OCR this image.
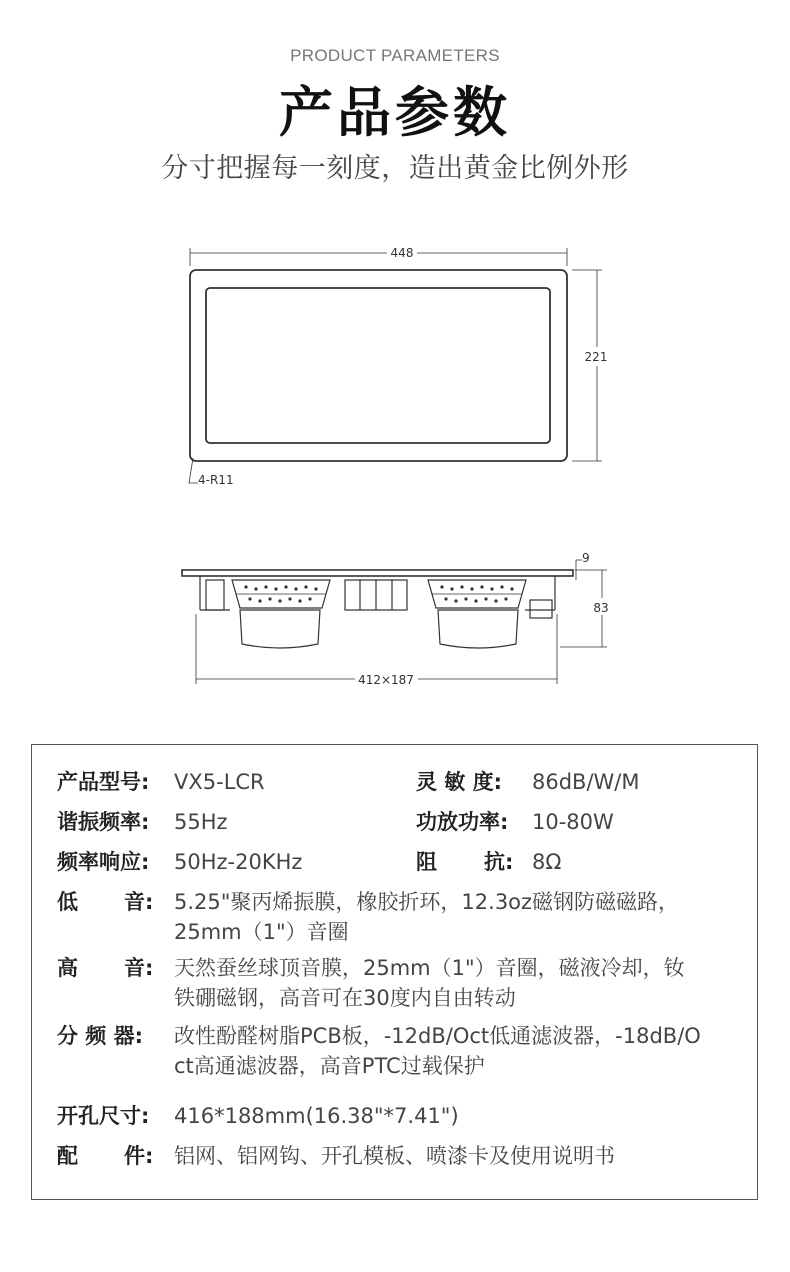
PRODUCT PARAMETERS
产品参数
分寸把握每一刻度，造出黄金比例外形
448
221
4-R11
9
83
412×187
产品型号: VX5-LCR	灵 敏 度: 86dB/W/M
谐振频率: 55Hz	功放功率: 10-80W
频率响应: 50Hz-20KHz	阻 抗: 8Ω
低 音: 5.25"聚丙烯振膜，橡胶折环，12.3oz磁钢防磁磁路，
25mm（1"）音圈
高 音: 天然蚕丝球顶音膜，25mm（1"）音圈，磁液冷却，钕
铁硼磁钢，高音可在30度内自由转动
分 频 器: 改性酚醛树脂PCB板，-12dB/Oct低通滤波器，-18dB/O
ct高通滤波器，高音PTC过载保护
开孔尺寸: 416*188mm(16.38"*7.41")
配 件: 铝网、铝网钩、开孔模板、喷漆卡及使用说明书
